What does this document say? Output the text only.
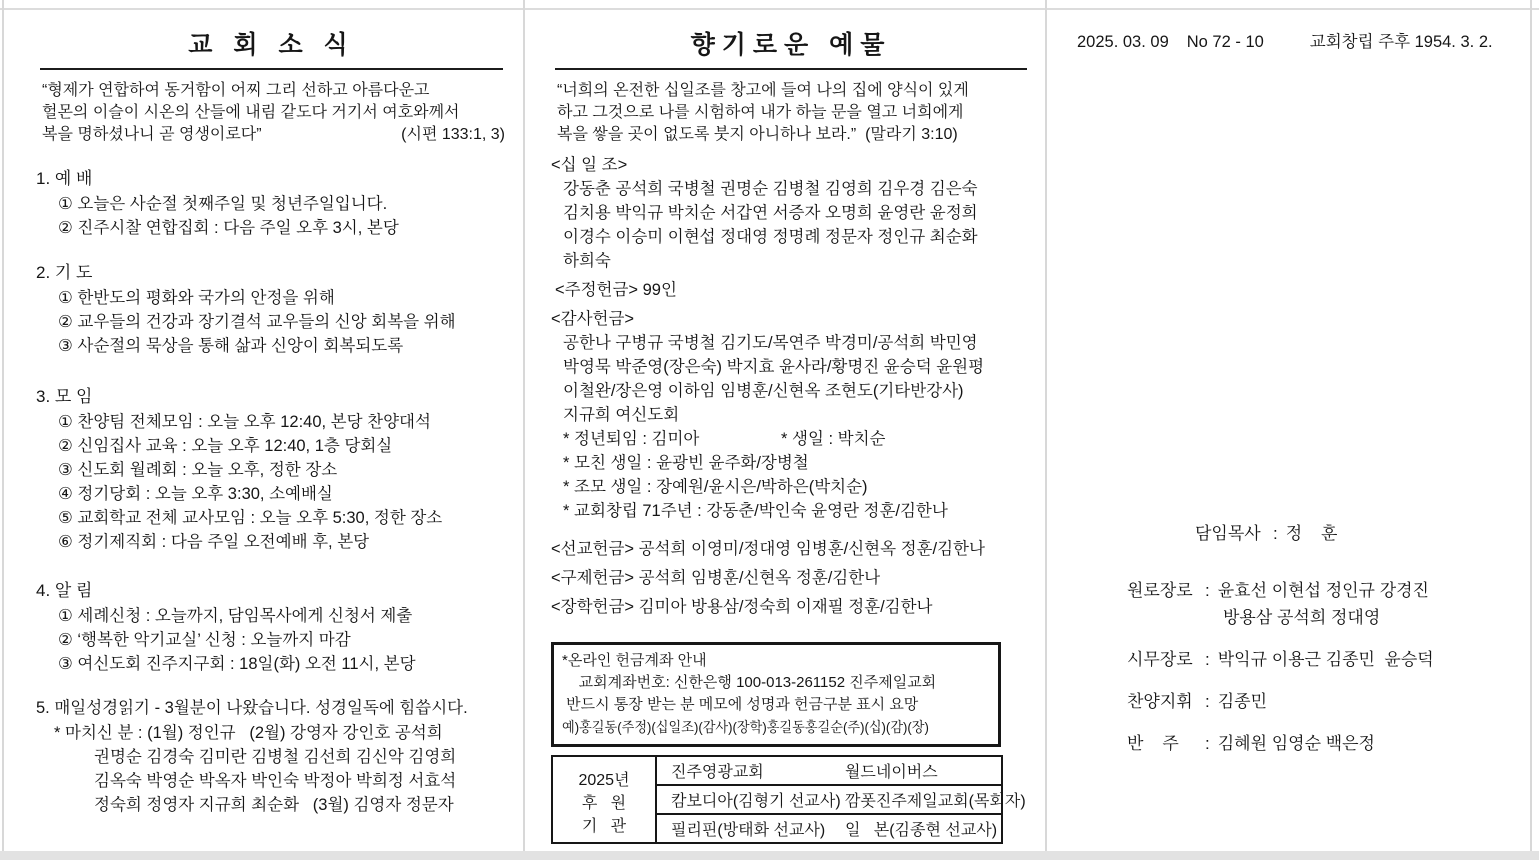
교 회 소 식
“형제가 연합하여 동거함이 어찌 그리 선하고 아름다운고
헐몬의 이슬이 시온의 산들에 내림 같도다 거기서 여호와께서
복을 명하셨나니 곧 영생이로다”	(시편 133:1, 3)
1. 예 배
① 오늘은 사순절 첫째주일 및 청년주일입니다.
② 진주시찰 연합집회 : 다음 주일 오후 3시, 본당
2. 기 도
① 한반도의 평화와 국가의 안정을 위해
② 교우들의 건강과 장기결석 교우들의 신앙 회복을 위해
③ 사순절의 묵상을 통해 삶과 신앙이 회복되도록
3. 모 임
① 찬양팀 전체모임 : 오늘 오후 12:40, 본당 찬양대석
② 신임집사 교육 : 오늘 오후 12:40, 1층 당회실
③ 신도회 월례회 : 오늘 오후, 정한 장소
④ 정기당회 : 오늘 오후 3:30, 소예배실
⑤ 교회학교 전체 교사모임 : 오늘 오후 5:30, 정한 장소
⑥ 정기제직회 : 다음 주일 오전예배 후, 본당
4. 알 림
① 세례신청 : 오늘까지, 담임목사에게 신청서 제출
② ‘행복한 악기교실’ 신청 : 오늘까지 마감
③ 여신도회 진주지구회 : 18일(화) 오전 11시, 본당
5. 매일성경읽기 - 3월분이 나왔습니다. 성경일독에 힘씁시다.
* 마치신 분 : (1월) 정인규   (2월) 강영자 강인호 공석희
권명순 김경숙 김미란 김병철 김선희 김신악 김영희
김옥숙 박영순 박옥자 박인숙 박정아 박희정 서효석
정숙희 정영자 지규희 최순화   (3월) 김영자 정문자
향기로운 예물
“너희의 온전한 십일조를 창고에 들여 나의 집에 양식이 있게
하고 그것으로 나를 시험하여 내가 하늘 문을 열고 너희에게
복을 쌓을 곳이 없도록 붓지 아니하나 보라.”  (말라기 3:10)
<십 일 조>
강동춘 공석희 국병철 권명순 김병철 김영희 김우경 김은숙
김치용 박익규 박치순 서갑연 서증자 오명희 윤영란 윤정희
이경수 이승미 이현섭 정대영 정명례 정문자 정인규 최순화
하희숙
<주정헌금> 99인
<감사헌금>
공한나 구병규 국병철 김기도/목연주 박경미/공석희 박민영
박영묵 박준영(장은숙) 박지효 윤사라/황명진 윤승덕 윤원평
이철완/장은영 이하임 임병훈/신현옥 조현도(기타반강사)
지규희 여신도회
* 정년퇴임 : 김미아	* 생일 : 박치순
* 모친 생일 : 윤광빈 윤주화/장병철
* 조모 생일 : 장예원/윤시은/박하은(박치순)
* 교회창립 71주년 : 강동춘/박인숙 윤영란 정훈/김한나
<선교헌금> 공석희 이영미/정대영 임병훈/신현옥 정훈/김한나
<구제헌금> 공석희 임병훈/신현옥 정훈/김한나
<장학헌금> 김미아 방용삼/정숙희 이재필 정훈/김한나
*온라인 헌금계좌 안내
교회계좌번호: 신한은행 100-013-261152 진주제일교회
반드시 통장 받는 분 메모에 성명과 헌금구분 표시 요망
예)홍길동(주정)(십일조)(감사)(장학)홍길동홍길순(주)(십)(감)(장)
2025년
후   원
기   관
	진주영광교회	월드네이버스
캄보디아(김형기 선교사) 깜폿진주제일교회(목회자)
필리핀(방태화 선교사) 일   본(김종현 선교사)
2025. 03. 09 No 72 - 10	교회창립 주후 1954. 3. 2.
담임목사 : 정    훈
원로장로 : 윤효선 이현섭 정인규 강경진
방용삼 공석희 정대영
시무장로 : 박익규 이용근 김종민  윤승덕
찬양지휘 : 김종민
반    주	: 김혜원 임영순 백은정
